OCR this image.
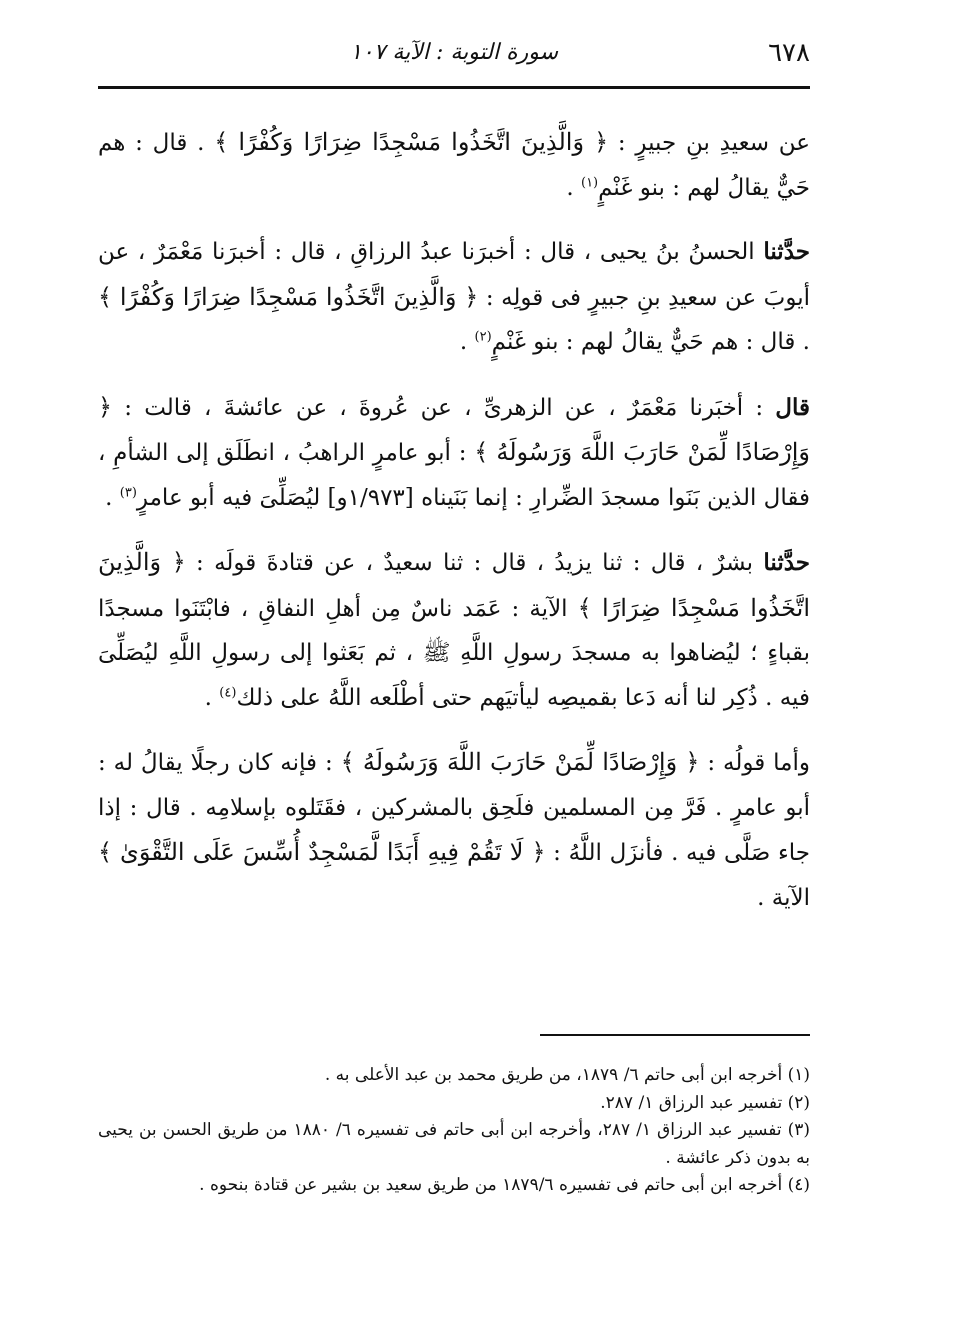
٦٧٨
سورة التوبة : الآية ١٠٧

عن سعيدِ بنِ جبيرٍ : ﴿ وَالَّذِينَ اتَّخَذُوا مَسْجِدًا ضِرَارًا وَكُفْرًا ﴾ . قال : هم حَيٌّ يقالُ لهم : بنو غَنْمٍ$^{(١)}$ .

حدَّثنا الحسنُ بنُ يحيى ، قال : أخبرَنا عبدُ الرزاقِ ، قال : أخبرَنا مَعْمَرٌ ، عن أيوبَ عن سعيدِ بنِ جبيرٍ فى قولِه : ﴿ وَالَّذِينَ اتَّخَذُوا مَسْجِدًا ضِرَارًا وَكُفْرًا ﴾ . قال : هم حَيٌّ يقالُ لهم : بنو غَنْمٍ$^{(٢)}$ .

قال : أخبَرنا مَعْمَرٌ ، عن الزهرىِّ ، عن عُروةَ ، عن عائشةَ ، قالت : ﴿ وَإِرْصَادًا لِّمَنْ حَارَبَ اللَّهَ وَرَسُولَهُ ﴾ : أبو عامرٍ الراهبُ ، انطَلَق إلى الشأمِ ، فقال الذين بَنَوا مسجدَ الضِّرارِ : إنما بَنَيناه [١/٩٧٣و] ليُصَلِّىَ فيه أبو عامرٍ$^{(٣)}$ .

حدَّثنا بشرٌ ، قال : ثنا يزيدُ ، قال : ثنا سعيدٌ ، عن قتادةَ قولَه : ﴿ وَالَّذِينَ اتَّخَذُوا مَسْجِدًا ضِرَارًا ﴾ الآية : عَمَد ناسٌ مِن أهلِ النفاقِ ، فابْتَنَوا مسجدًا بقباءٍ ؛ ليُضاهوا به مسجدَ رسولِ اللَّهِ ﷺ ، ثم بَعَثوا إلى رسولِ اللَّهِ ليُصَلِّىَ فيه . ذُكِر لنا أنه دَعا بقميصِه ليأتيَهم حتى أطْلَعه اللَّهُ على ذلك$^{(٤)}$ .

وأما قولُه : ﴿ وَإِرْصَادًا لِّمَنْ حَارَبَ اللَّهَ وَرَسُولَهُ ﴾ : فإنه كان رجلًا يقالُ له : أبو عامرٍ . فَرَّ مِن المسلمين فلَحِق بالمشركين ، فقَتَلوه بإسلامِه . قال : إذا جاء صَلَّى فيه . فأنزَل اللَّهُ : ﴿ لَا تَقُمْ فِيهِ أَبَدًا لَّمَسْجِدٌ أُسِّسَ عَلَى التَّقْوَىٰ ﴾ الآية .

(١) أخرجه ابن أبى حاتم ٦/ ١٨٧٩، من طريق محمد بن عبد الأعلى به .

(٢) تفسير عبد الرزاق ١/ ٢٨٧.

(٣) تفسير عبد الرزاق ١/ ٢٨٧، وأخرجه ابن أبى حاتم فى تفسيره ٦/ ١٨٨٠ من طريق الحسن بن يحيى به بدون ذكر عائشة .

(٤) أخرجه ابن أبى حاتم فى تفسيره ١٨٧٩/٦ من طريق سعيد بن بشير عن قتادة بنحوه .
